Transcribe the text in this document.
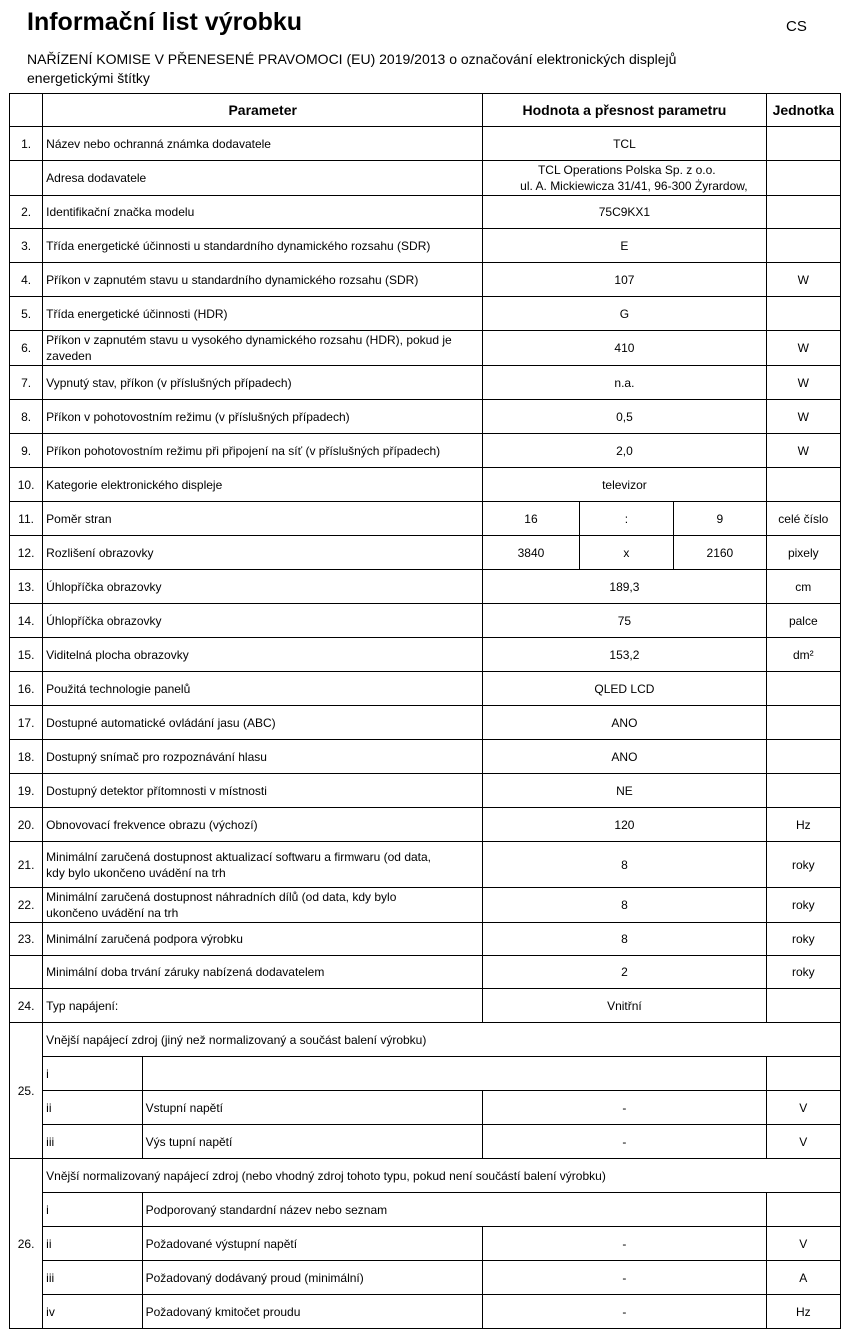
Informační list výrobku	CS
NAŘÍZENÍ KOMISE V PŘENESENÉ PRAVOMOCI (EU) 2019/2013 o označování elektronických displejů energetickými štítky
	Parameter		Hodnota a přesnost parametru			Jednotka
1.	Název nebo ochranná známka dodavatele		TCL			
	Adresa dodavatele		TCL Operations Polska Sp. z o.o.
ul. A. Mickiewicza 31/41, 96-300 Żyrardow,			

2.	Identifikační značka modelu		75C9KX1			
3.	Třída energetické účinnosti u standardního dynamického rozsahu (SDR)		E			
4.	Příkon v zapnutém stavu u standardního dynamického rozsahu (SDR)		107			W
5.	Třída energetické účinnosti (HDR)		G			
6.	Příkon v zapnutém stavu u vysokého dynamického rozsahu (HDR), pokud je zaveden		410			W
7.	Vypnutý stav, příkon (v příslušných případech)		n.a.			W
8.	Příkon v pohotovostním režimu (v příslušných případech)		0,5			W
9.	Příkon pohotovostním režimu při připojení na síť (v příslušných případech)		2,0			W
10.	Kategorie elektronického displeje		televizor			
11.	Poměr stran		16	:	9	celé číslo
12.	Rozlišení obrazovky		3840	x	2160	pixely
13.	Úhlopříčka obrazovky		189,3			cm
14.	Úhlopříčka obrazovky		75			palce
15.	Viditelná plocha obrazovky		153,2			dm²
16.	Použitá technologie panelů		QLED LCD			
17.	Dostupné automatické ovládání jasu (ABC)		ANO			
18.	Dostupný snímač pro rozpoznávání hlasu		ANO			
19.	Dostupný detektor přítomnosti v místnosti		NE			
20.	Obnovovací frekvence obrazu (výchozí)		120			Hz
21.	Minimální zaručená dostupnost aktualizací softwaru a firmwaru (od data, kdy bylo ukončeno uvádění na trh		8			roky
22.	Minimální zaručená dostupnost náhradních dílů (od data, kdy bylo ukončeno uvádění na trh		8			roky
23.	Minimální zaručená podpora výrobku		8			roky
	Minimální doba trvání záruky nabízená dodavatelem		2			roky
24.	Typ napájení:		Vnitřní			
25.	Vnější napájecí zdroj (jiný než normalizovaný a součást balení výrobku)					
	i					
	ii	Vstupní napětí	-			V
	iii	Výs tupní napětí	-			V
26.	Vnější normalizovaný napájecí zdroj (nebo vhodný zdroj tohoto typu, pokud není součástí balení výrobku)					
	i	Podporovaný standardní název nebo seznam				
	ii	Požadované výstupní napětí	-			V
	iii	Požadovaný dodávaný proud (minimální)	-			A
	iv	Požadovaný kmitočet proudu	-			Hz
